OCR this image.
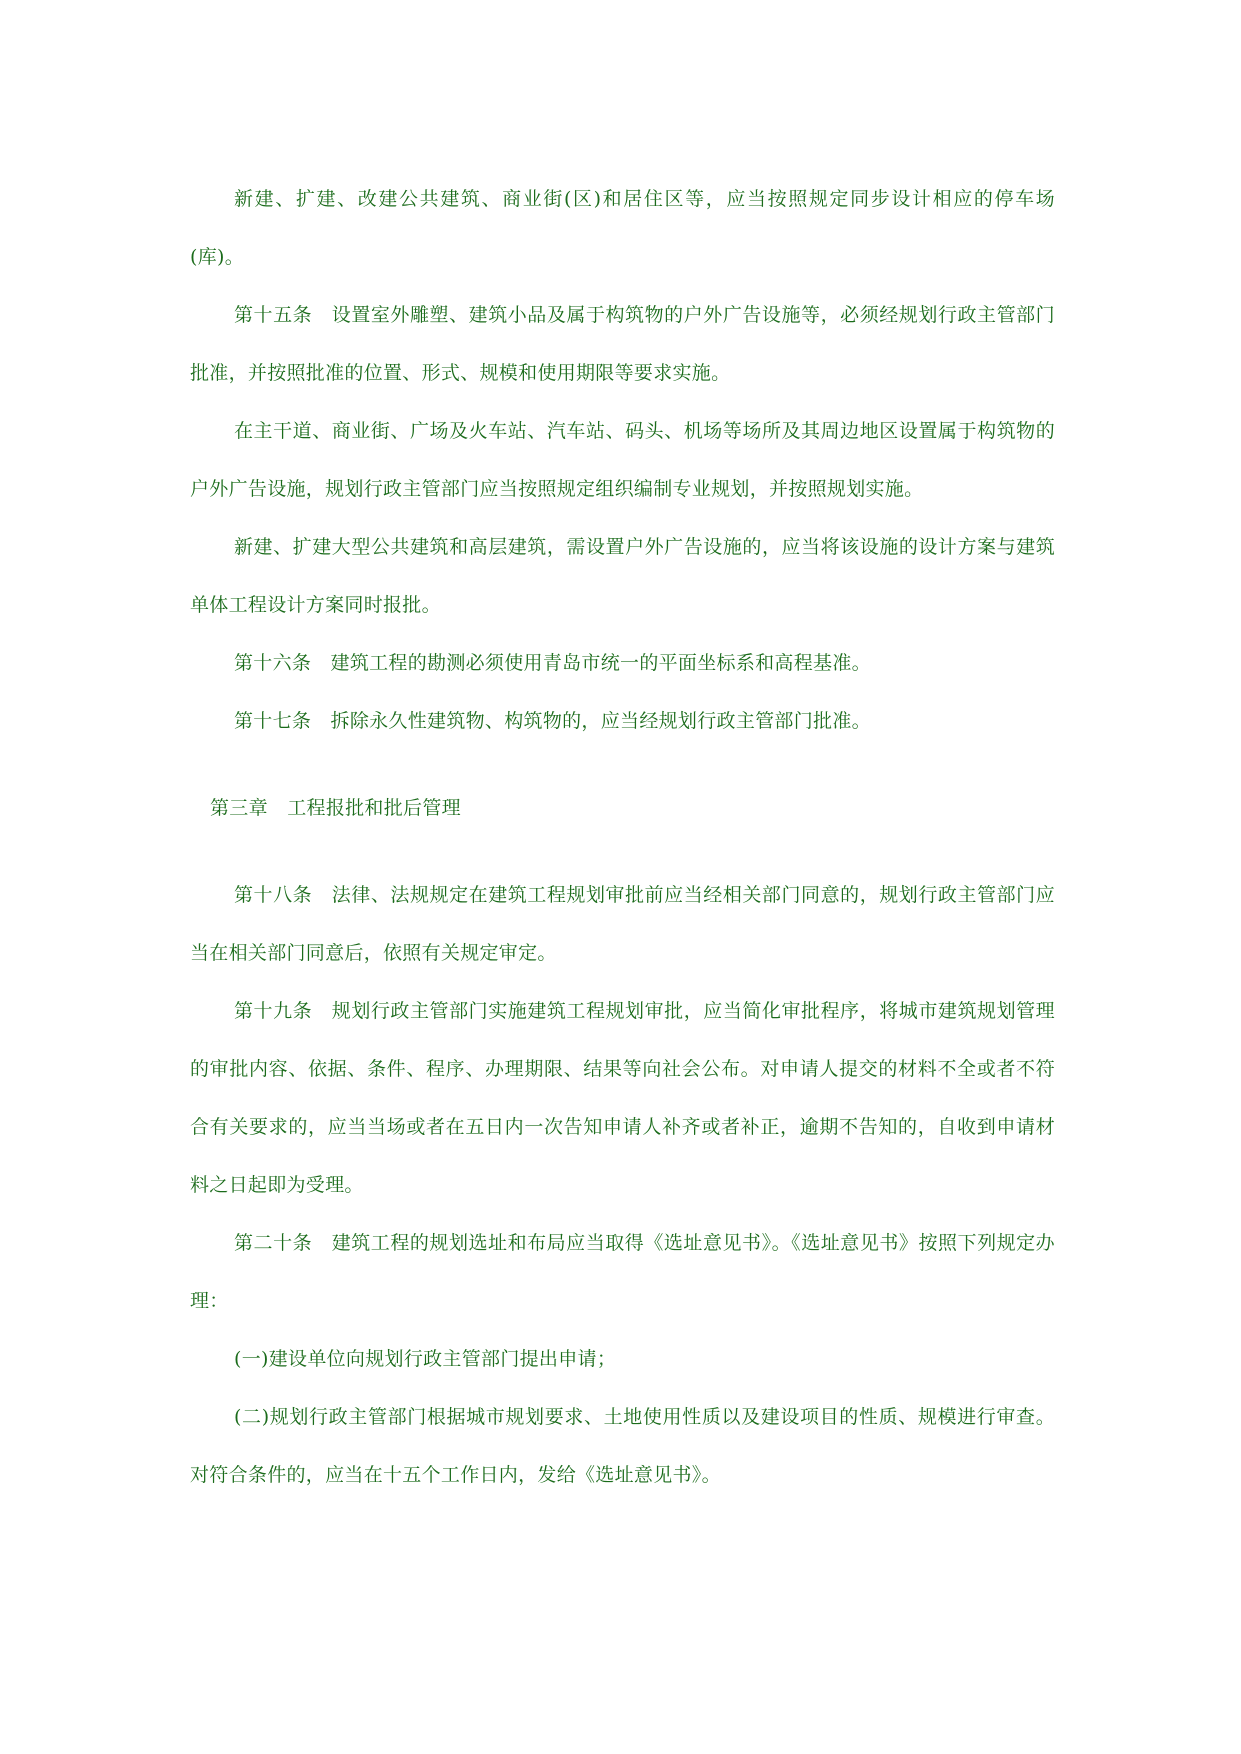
新建、扩建、改建公共建筑、商业街(区)和居住区等，应当按照规定同步设计相应的停车场(库)。

第十五条　设置室外雕塑、建筑小品及属于构筑物的户外广告设施等，必须经规划行政主管部门批准，并按照批准的位置、形式、规模和使用期限等要求实施。

在主干道、商业街、广场及火车站、汽车站、码头、机场等场所及其周边地区设置属于构筑物的户外广告设施，规划行政主管部门应当按照规定组织编制专业规划，并按照规划实施。

新建、扩建大型公共建筑和高层建筑，需设置户外广告设施的，应当将该设施的设计方案与建筑单体工程设计方案同时报批。

第十六条　建筑工程的勘测必须使用青岛市统一的平面坐标系和高程基准。

第十七条　拆除永久性建筑物、构筑物的，应当经规划行政主管部门批准。

第三章　 工程报批和批后管理

第十八条　法律、法规规定在建筑工程规划审批前应当经相关部门同意的，规划行政主管部门应当在相关部门同意后，依照有关规定审定。

第十九条　规划行政主管部门实施建筑工程规划审批，应当简化审批程序，将城市建筑规划管理的审批内容、依据、条件、程序、办理期限、结果等向社会公布。对申请人提交的材料不全或者不符合有关要求的，应当当场或者在五日内一次告知申请人补齐或者补正，逾期不告知的，自收到申请材料之日起即为受理。

第二十条　建筑工程的规划选址和布局应当取得《选址意见书》。《选址意见书》按照下列规定办理：

(一)建设单位向规划行政主管部门提出申请；

(二)规划行政主管部门根据城市规划要求、土地使用性质以及建设项目的性质、规模进行审查。对符合条件的，应当在十五个工作日内，发给《选址意见书》。
